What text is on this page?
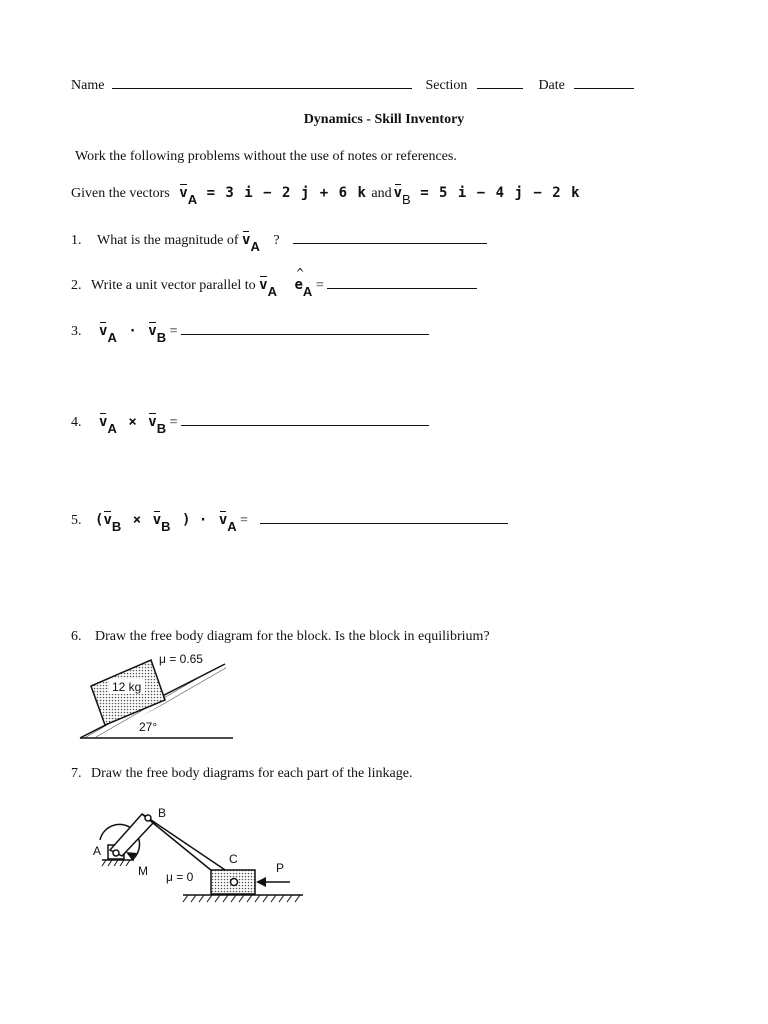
Name	Section	Date
Dynamics - Skill Inventory
Work the following problems without the use of notes or references.
Given the vectors vA = 3 i − 2 j + 6 k and vB = 5 i − 4 j − 2 k
1. What is the magnitude of vA ?
2. Write a unit vector parallel to vA ^ eA =
3. vA · vB =
4. vA × vB =
5. (vB × vB ) · vA =
6. Draw the free body diagram for the block. Is the block in equilibrium?
12 kg
μ = 0.65
27°
7. Draw the free body diagrams for each part of the linkage.
A
B
C
M	P
μ = 0
